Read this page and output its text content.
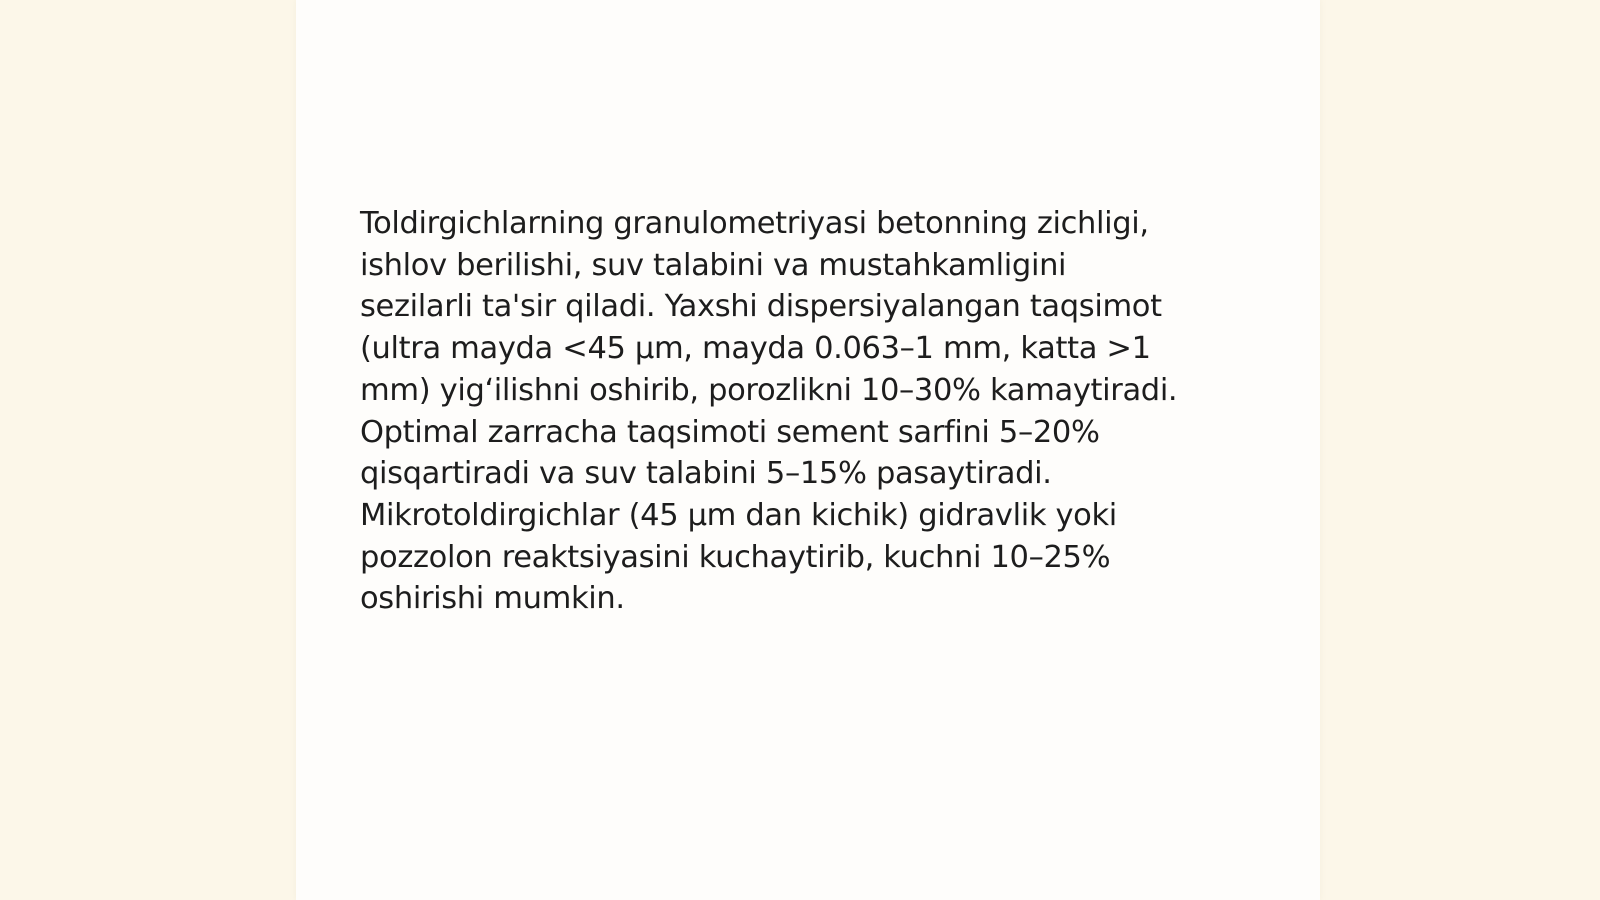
Toldirgichlarning granulometriyasi betonning zichligi,
ishlov berilishi, suv talabini va mustahkamligini
sezilarli ta'sir qiladi. Yaxshi dispersiyalangan taqsimot
(ultra mayda <45 µm, mayda 0.063–1 mm, katta >1
mm) yig‘ilishni oshirib, porozlikni 10–30% kamaytiradi.
Optimal zarracha taqsimoti sement sarfini 5–20%
qisqartiradi va suv talabini 5–15% pasaytiradi.
Mikrotoldirgichlar (45 µm dan kichik) gidravlik yoki
pozzolon reaktsiyasini kuchaytirib, kuchni 10–25%
oshirishi mumkin.
